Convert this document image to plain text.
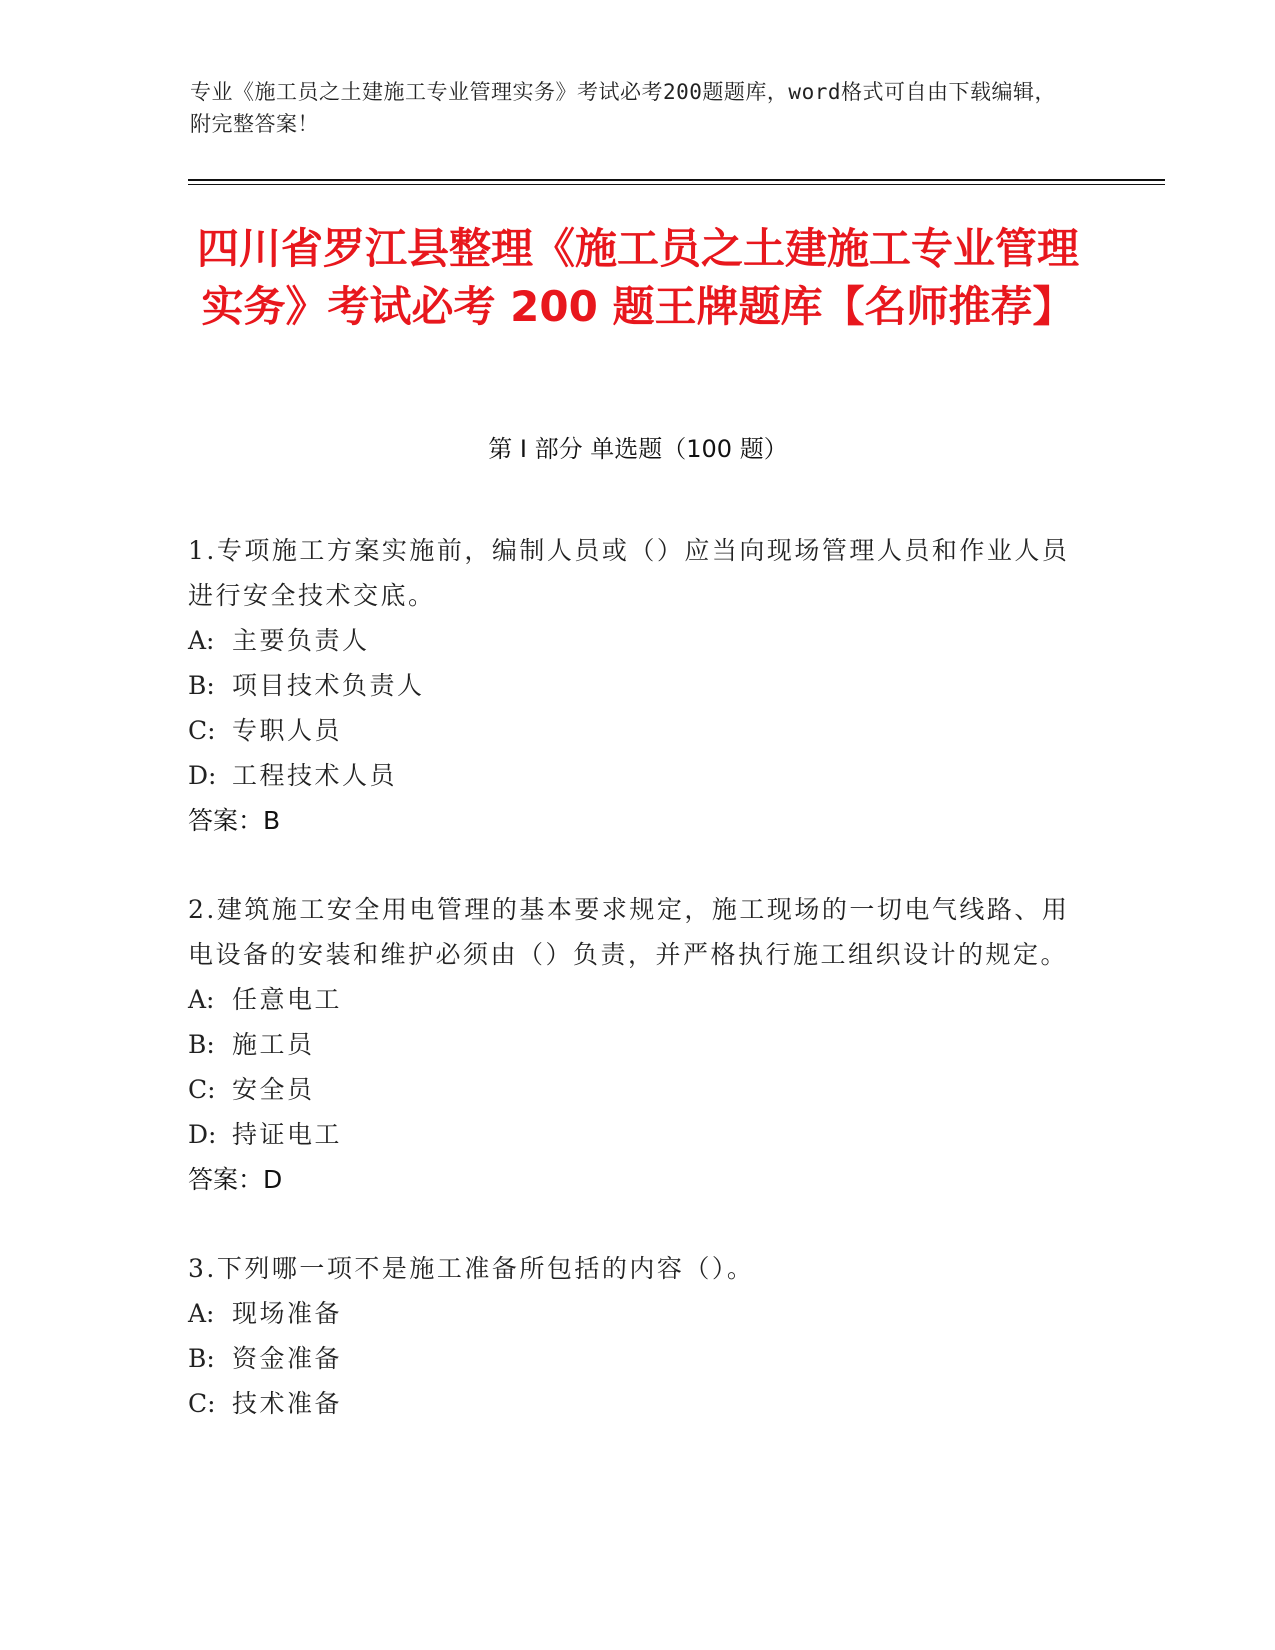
专业《施工员之土建施工专业管理实务》考试必考200题题库，word格式可自由下载编辑，附完整答案！
四川省罗江县整理《施工员之土建施工专业管理实务》考试必考 200 题王牌题库【名师推荐】
第 I 部分 单选题（100 题）
1.专项施工方案实施前，编制人员或（）应当向现场管理人员和作业人员进行安全技术交底。
A: 主要负责人
B: 项目技术负责人
C: 专职人员
D: 工程技术人员
答案：B
2.建筑施工安全用电管理的基本要求规定，施工现场的一切电气线路、用电设备的安装和维护必须由（）负责，并严格执行施工组织设计的规定。
A: 任意电工
B: 施工员
C: 安全员
D: 持证电工
答案：D
3.下列哪一项不是施工准备所包括的内容（）。
A: 现场准备
B: 资金准备
C: 技术准备
